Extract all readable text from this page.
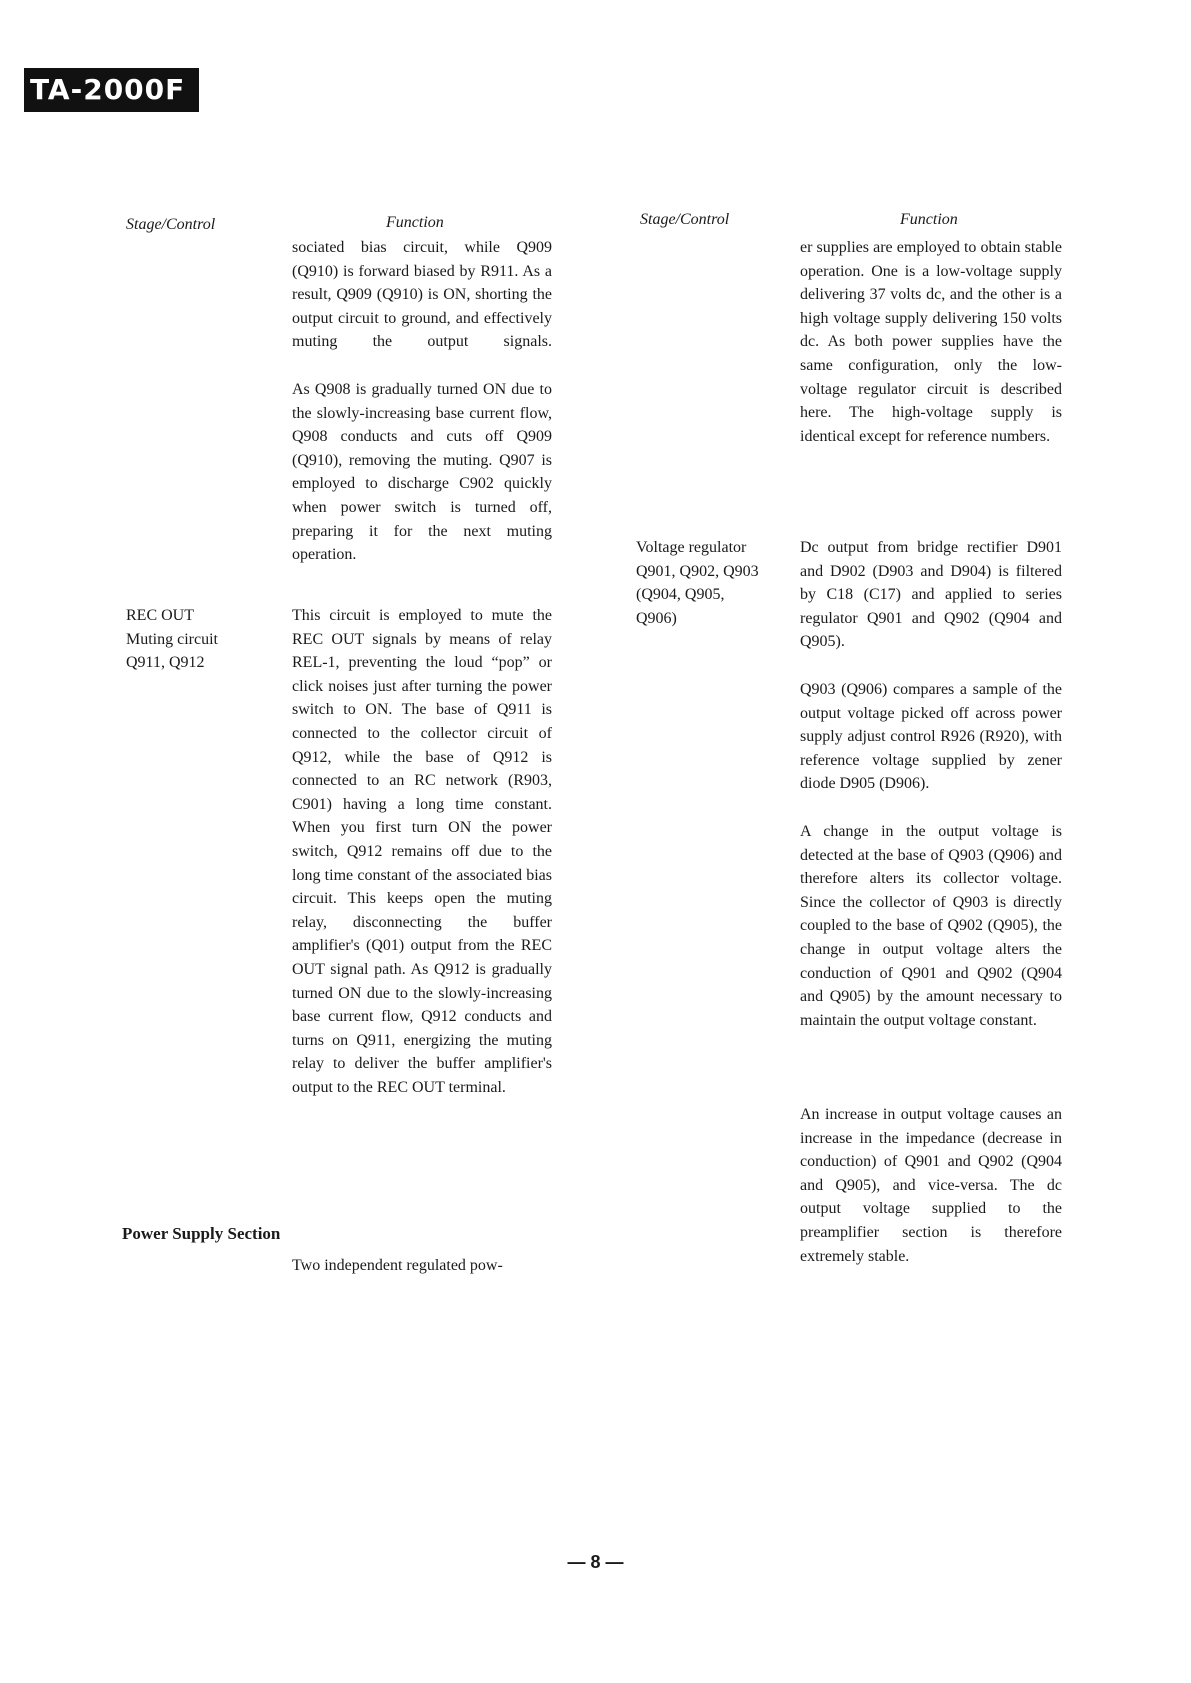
TA-2000F
Stage/Control	Function

sociated bias circuit, while Q909 (Q910) is forward biased by R911. As a result, Q909 (Q910) is ON, shorting the output circuit to ground, and effectively muting the output signals.

As Q908 is gradually turned ON due to the slowly-increasing base current flow, Q908 conducts and cuts off Q909 (Q910), removing the muting. Q907 is employed to discharge C902 quickly when power switch is turned off, preparing it for the next muting operation.

REC OUT
Muting circuit
Q911, Q912

This circuit is employed to mute the REC OUT signals by means of relay REL-1, preventing the loud “pop” or click noises just after turning the power switch to ON. The base of Q911 is connected to the collector circuit of Q912, while the base of Q912 is connected to an RC network (R903, C901) having a long time constant. When you first turn ON the power switch, Q912 remains off due to the long time constant of the associated bias circuit. This keeps open the muting relay, disconnecting the buffer amplifier's (Q01) output from the REC OUT signal path. As Q912 is gradually turned ON due to the slowly-increasing base current flow, Q912 conducts and turns on Q911, energizing the muting relay to deliver the buffer amplifier's output to the REC OUT terminal.

Power Supply Section

Two independent regulated pow-

Stage/Control	Function

er supplies are employed to obtain stable operation. One is a low-voltage supply delivering 37 volts dc, and the other is a high voltage supply delivering 150 volts dc. As both power supplies have the same configuration, only the low-voltage regulator circuit is described here. The high-voltage supply is identical except for reference numbers.

Voltage regulator
Q901, Q902, Q903
(Q904, Q905,
Q906)

Dc output from bridge rectifier D901 and D902 (D903 and D904) is filtered by C18 (C17) and applied to series regulator Q901 and Q902 (Q904 and Q905).

Q903 (Q906) compares a sample of the output voltage picked off across power supply adjust control R926 (R920), with reference voltage supplied by zener diode D905 (D906).

A change in the output voltage is detected at the base of Q903 (Q906) and therefore alters its collector voltage. Since the collector of Q903 is directly coupled to the base of Q902 (Q905), the change in output voltage alters the conduction of Q901 and Q902 (Q904 and Q905) by the amount necessary to maintain the output voltage constant.

An increase in output voltage causes an increase in the impedance (decrease in conduction) of Q901 and Q902 (Q904 and Q905), and vice-versa. The dc output voltage supplied to the preamplifier section is therefore extremely stable.

— 8 —
